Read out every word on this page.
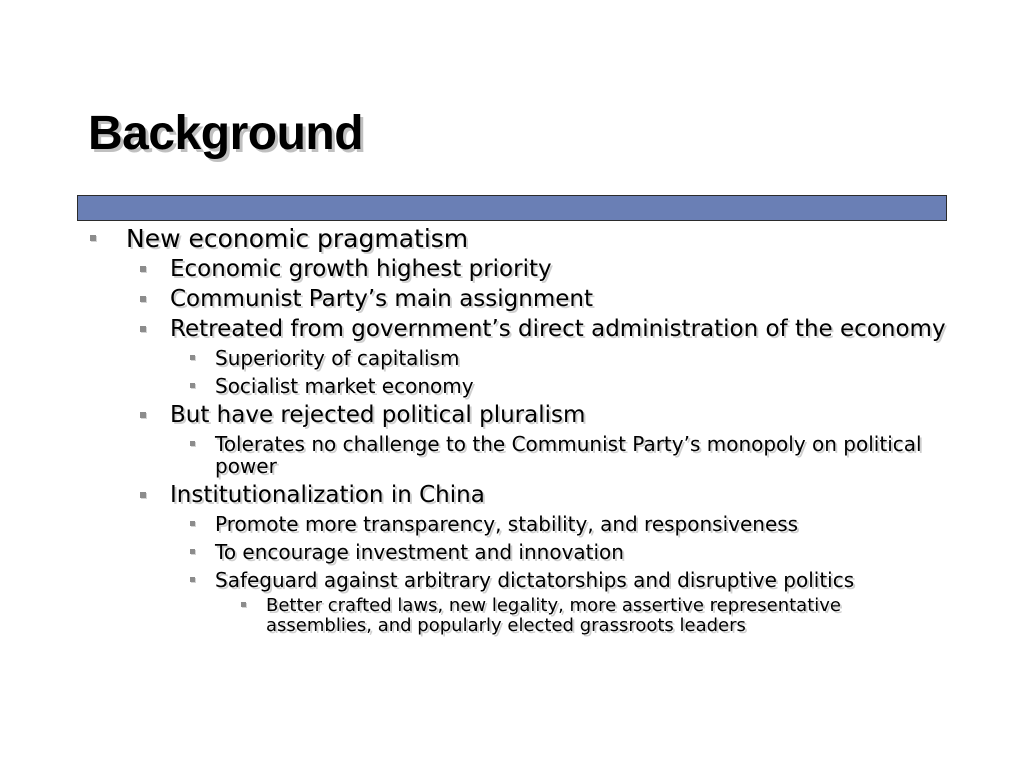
Background
New economic pragmatism
Economic growth highest priority
Communist Party’s main assignment
Retreated from government’s direct administration of the economy
Superiority of capitalism
Socialist market economy
But have rejected political pluralism
Tolerates no challenge to the Communist Party’s monopoly on political power
Institutionalization in China
Promote more transparency, stability, and responsiveness
To encourage investment and innovation
Safeguard against arbitrary dictatorships and disruptive politics
Better crafted laws, new legality, more assertive representative assemblies, and popularly elected grassroots leaders
